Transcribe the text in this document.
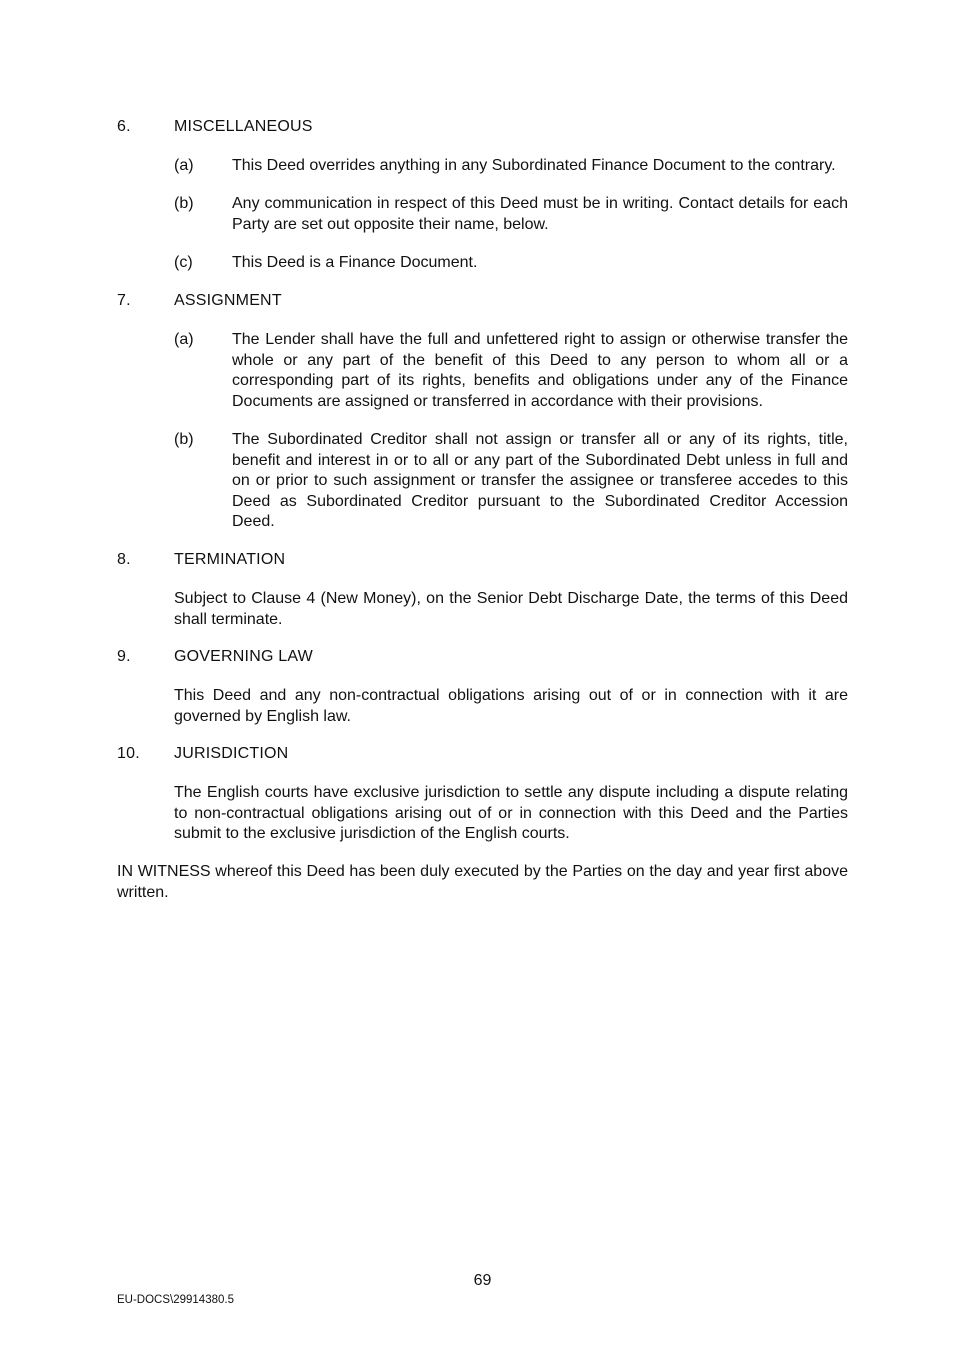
6.	MISCELLANEOUS
(a) This Deed overrides anything in any Subordinated Finance Document to the contrary.
(b) Any communication in respect of this Deed must be in writing. Contact details for each Party are set out opposite their name, below.
(c) This Deed is a Finance Document.
7.	ASSIGNMENT
(a) The Lender shall have the full and unfettered right to assign or otherwise transfer the whole or any part of the benefit of this Deed to any person to whom all or a corresponding part of its rights, benefits and obligations under any of the Finance Documents are assigned or transferred in accordance with their provisions.
(b) The Subordinated Creditor shall not assign or transfer all or any of its rights, title, benefit and interest in or to all or any part of the Subordinated Debt unless in full and on or prior to such assignment or transfer the assignee or transferee accedes to this Deed as Subordinated Creditor pursuant to the Subordinated Creditor Accession Deed.
8.	TERMINATION
Subject to Clause 4 (New Money), on the Senior Debt Discharge Date, the terms of this Deed shall terminate.
9.	GOVERNING LAW
This Deed and any non-contractual obligations arising out of or in connection with it are governed by English law.
10. JURISDICTION
The English courts have exclusive jurisdiction to settle any dispute including a dispute relating to non-contractual obligations arising out of or in connection with this Deed and the Parties submit to the exclusive jurisdiction of the English courts.
IN WITNESS whereof this Deed has been duly executed by the Parties on the day and year first above written.
69
EU-DOCS\29914380.5
